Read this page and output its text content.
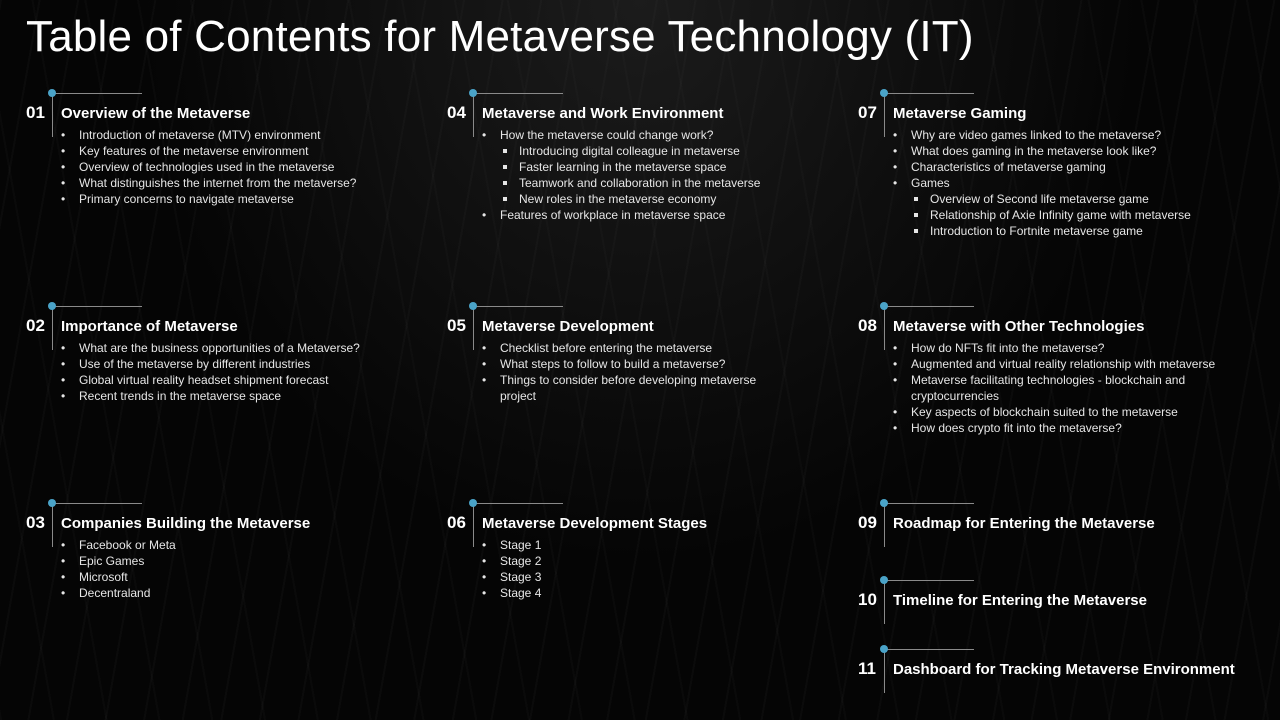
Table of Contents for Metaverse Technology (IT)
01 Overview of the Metaverse
• Introduction of metaverse (MTV) environment
• Key features of the metaverse environment
• Overview of technologies used in the metaverse
• What distinguishes the internet from the metaverse?
• Primary concerns to navigate metaverse
02 Importance of Metaverse
• What are the business opportunities of a Metaverse?
• Use of the metaverse by different industries
• Global virtual reality headset shipment forecast
• Recent trends in the metaverse space
03 Companies Building the Metaverse
• Facebook or Meta
• Epic Games
• Microsoft
• Decentraland
04 Metaverse and Work Environment
• How the metaverse could change work?
Introducing digital colleague in metaverse
Faster learning in the metaverse space
Teamwork and collaboration in the metaverse
New roles in the metaverse economy
• Features of workplace in metaverse space
05 Metaverse Development
• Checklist before entering the metaverse
• What steps to follow to build a metaverse?
• Things to consider before developing metaverse project
06 Metaverse Development Stages
• Stage 1
• Stage 2
• Stage 3
• Stage 4
07 Metaverse Gaming
• Why are video games linked to the metaverse?
• What does gaming in the metaverse look like?
• Characteristics of metaverse gaming
• Games
Overview of Second life metaverse game
Relationship of Axie Infinity game with metaverse
Introduction to Fortnite metaverse game
08 Metaverse with Other Technologies
• How do NFTs fit into the metaverse?
• Augmented and virtual reality relationship with metaverse
• Metaverse facilitating technologies - blockchain and cryptocurrencies
• Key aspects of blockchain suited to the metaverse
• How does crypto fit into the metaverse?
09 Roadmap for Entering the Metaverse
10 Timeline for Entering the Metaverse
11 Dashboard for Tracking Metaverse Environment
